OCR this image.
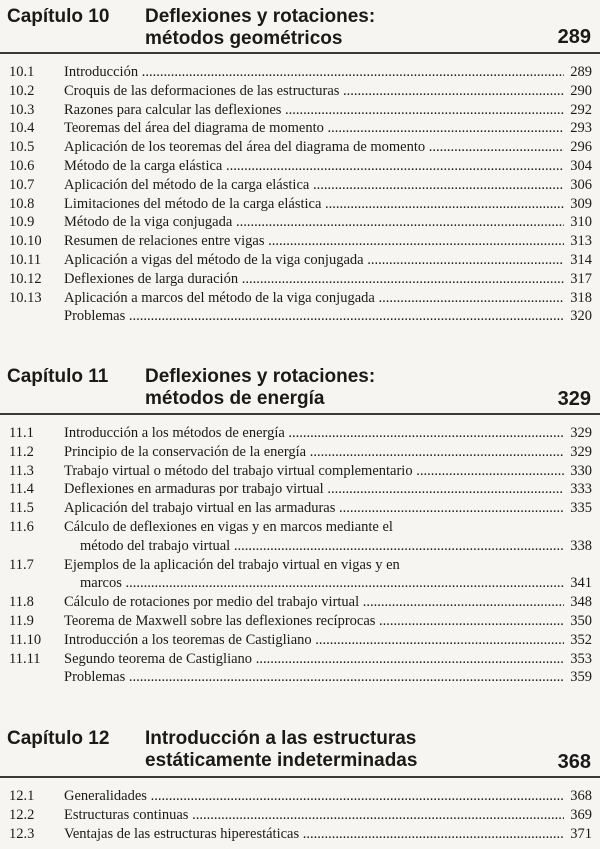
Capítulo 10 Deflexiones y rotaciones:
métodos geométricos	289
10.1 Introducción .....	289
10.2 Croquis de las deformaciones de las estructuras .....	290
10.3 Razones para calcular las deflexiones .....	292
10.4 Teoremas del área del diagrama de momento .....	293
10.5 Aplicación de los teoremas del área del diagrama de momento .....	296
10.6 Método de la carga elástica .....	304
10.7 Aplicación del método de la carga elástica .....	306
10.8 Limitaciones del método de la carga elástica .....	309
10.9 Método de la viga conjugada .....	310
10.10 Resumen de relaciones entre vigas .....	313
10.11 Aplicación a vigas del método de la viga conjugada .....	314
10.12 Deflexiones de larga duración .....	317
10.13 Aplicación a marcos del método de la viga conjugada .....	318
Problemas .....	320
Capítulo 11 Deflexiones y rotaciones:
métodos de energía	329
11.1 Introducción a los métodos de energía .....	329
11.2 Principio de la conservación de la energía .....	329
11.3 Trabajo virtual o método del trabajo virtual complementario .....	330
11.4 Deflexiones en armaduras por trabajo virtual .....	333
11.5 Aplicación del trabajo virtual en las armaduras .....	335
11.6 Cálculo de deflexiones en vigas y en marcos mediante el
método del trabajo virtual .....	338
11.7 Ejemplos de la aplicación del trabajo virtual en vigas y en
marcos .....	341
11.8 Cálculo de rotaciones por medio del trabajo virtual .....	348
11.9 Teorema de Maxwell sobre las deflexiones recíprocas .....	350
11.10 Introducción a los teoremas de Castigliano .....	352
11.11 Segundo teorema de Castigliano .....	353
Problemas .....	359
Capítulo 12 Introducción a las estructuras
estáticamente indeterminadas	368
12.1 Generalidades .....	368
12.2 Estructuras continuas .....	369
12.3 Ventajas de las estructuras hiperestáticas .....	371
